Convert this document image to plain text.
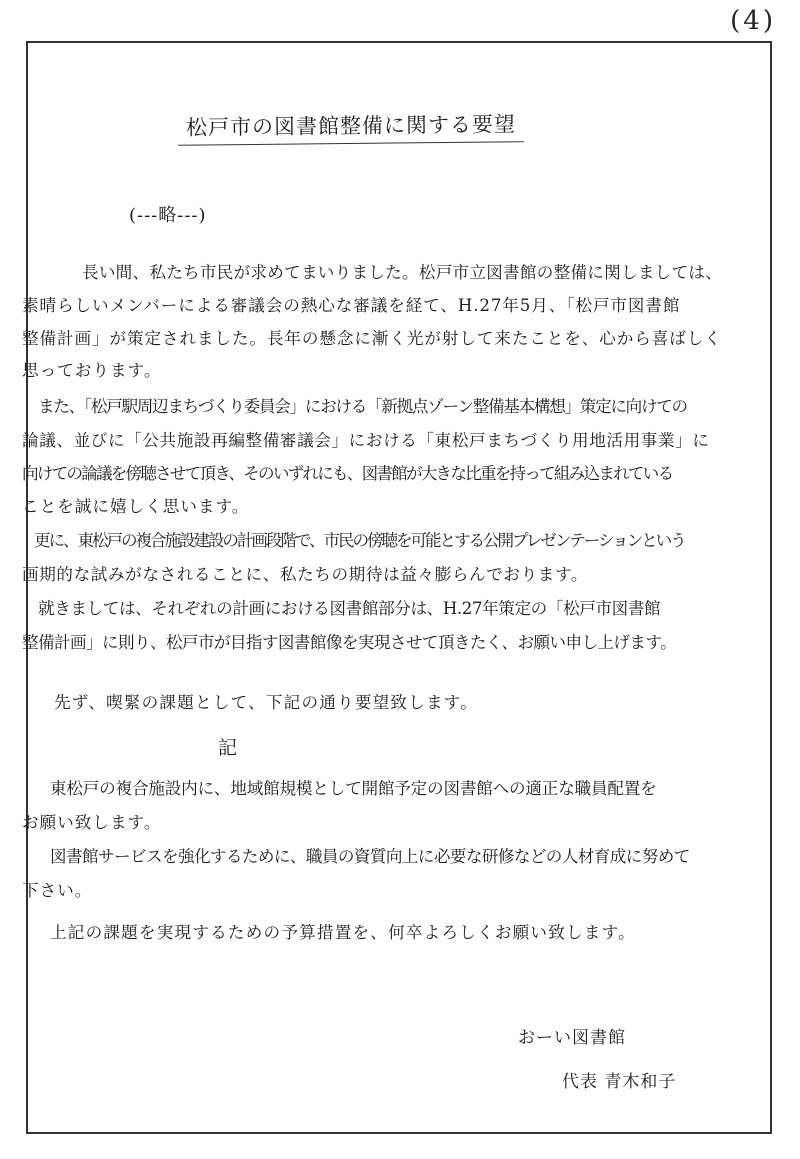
(4)
松戸市の図書館整備に関する要望
(---略---)
長い間、私たち市民が求めてまいりました。松戸市立図書館の整備に関しましては、
素晴らしいメンバーによる審議会の熱心な審議を経て、H.27年5月、「松戸市図書館
整備計画」が策定されました。長年の懸念に漸く光が射して来たことを、心から喜ばしく
思っております。
また、「松戸駅周辺まちづくり委員会」における「新拠点ゾーン整備基本構想」策定に向けての
論議、並びに「公共施設再編整備審議会」における「東松戸まちづくり用地活用事業」に
向けての論議を傍聴させて頂き、そのいずれにも、図書館が大きな比重を持って組み込まれている
ことを誠に嬉しく思います。
更に、東松戸の複合施設建設の計画段階で、市民の傍聴を可能とする公開プレゼンテーションという
画期的な試みがなされることに、私たちの期待は益々膨らんでおります。
就きましては、それぞれの計画における図書館部分は、H.27年策定の「松戸市図書館
整備計画」に則り、松戸市が目指す図書館像を実現させて頂きたく、お願い申し上げます。
先ず、喫緊の課題として、下記の通り要望致します。
記
東松戸の複合施設内に、地域館規模として開館予定の図書館への適正な職員配置を
お願い致します。
図書館サービスを強化するために、職員の資質向上に必要な研修などの人材育成に努めて
下さい。
上記の課題を実現するための予算措置を、何卒よろしくお願い致します。
おーい図書館
代表 青木和子
